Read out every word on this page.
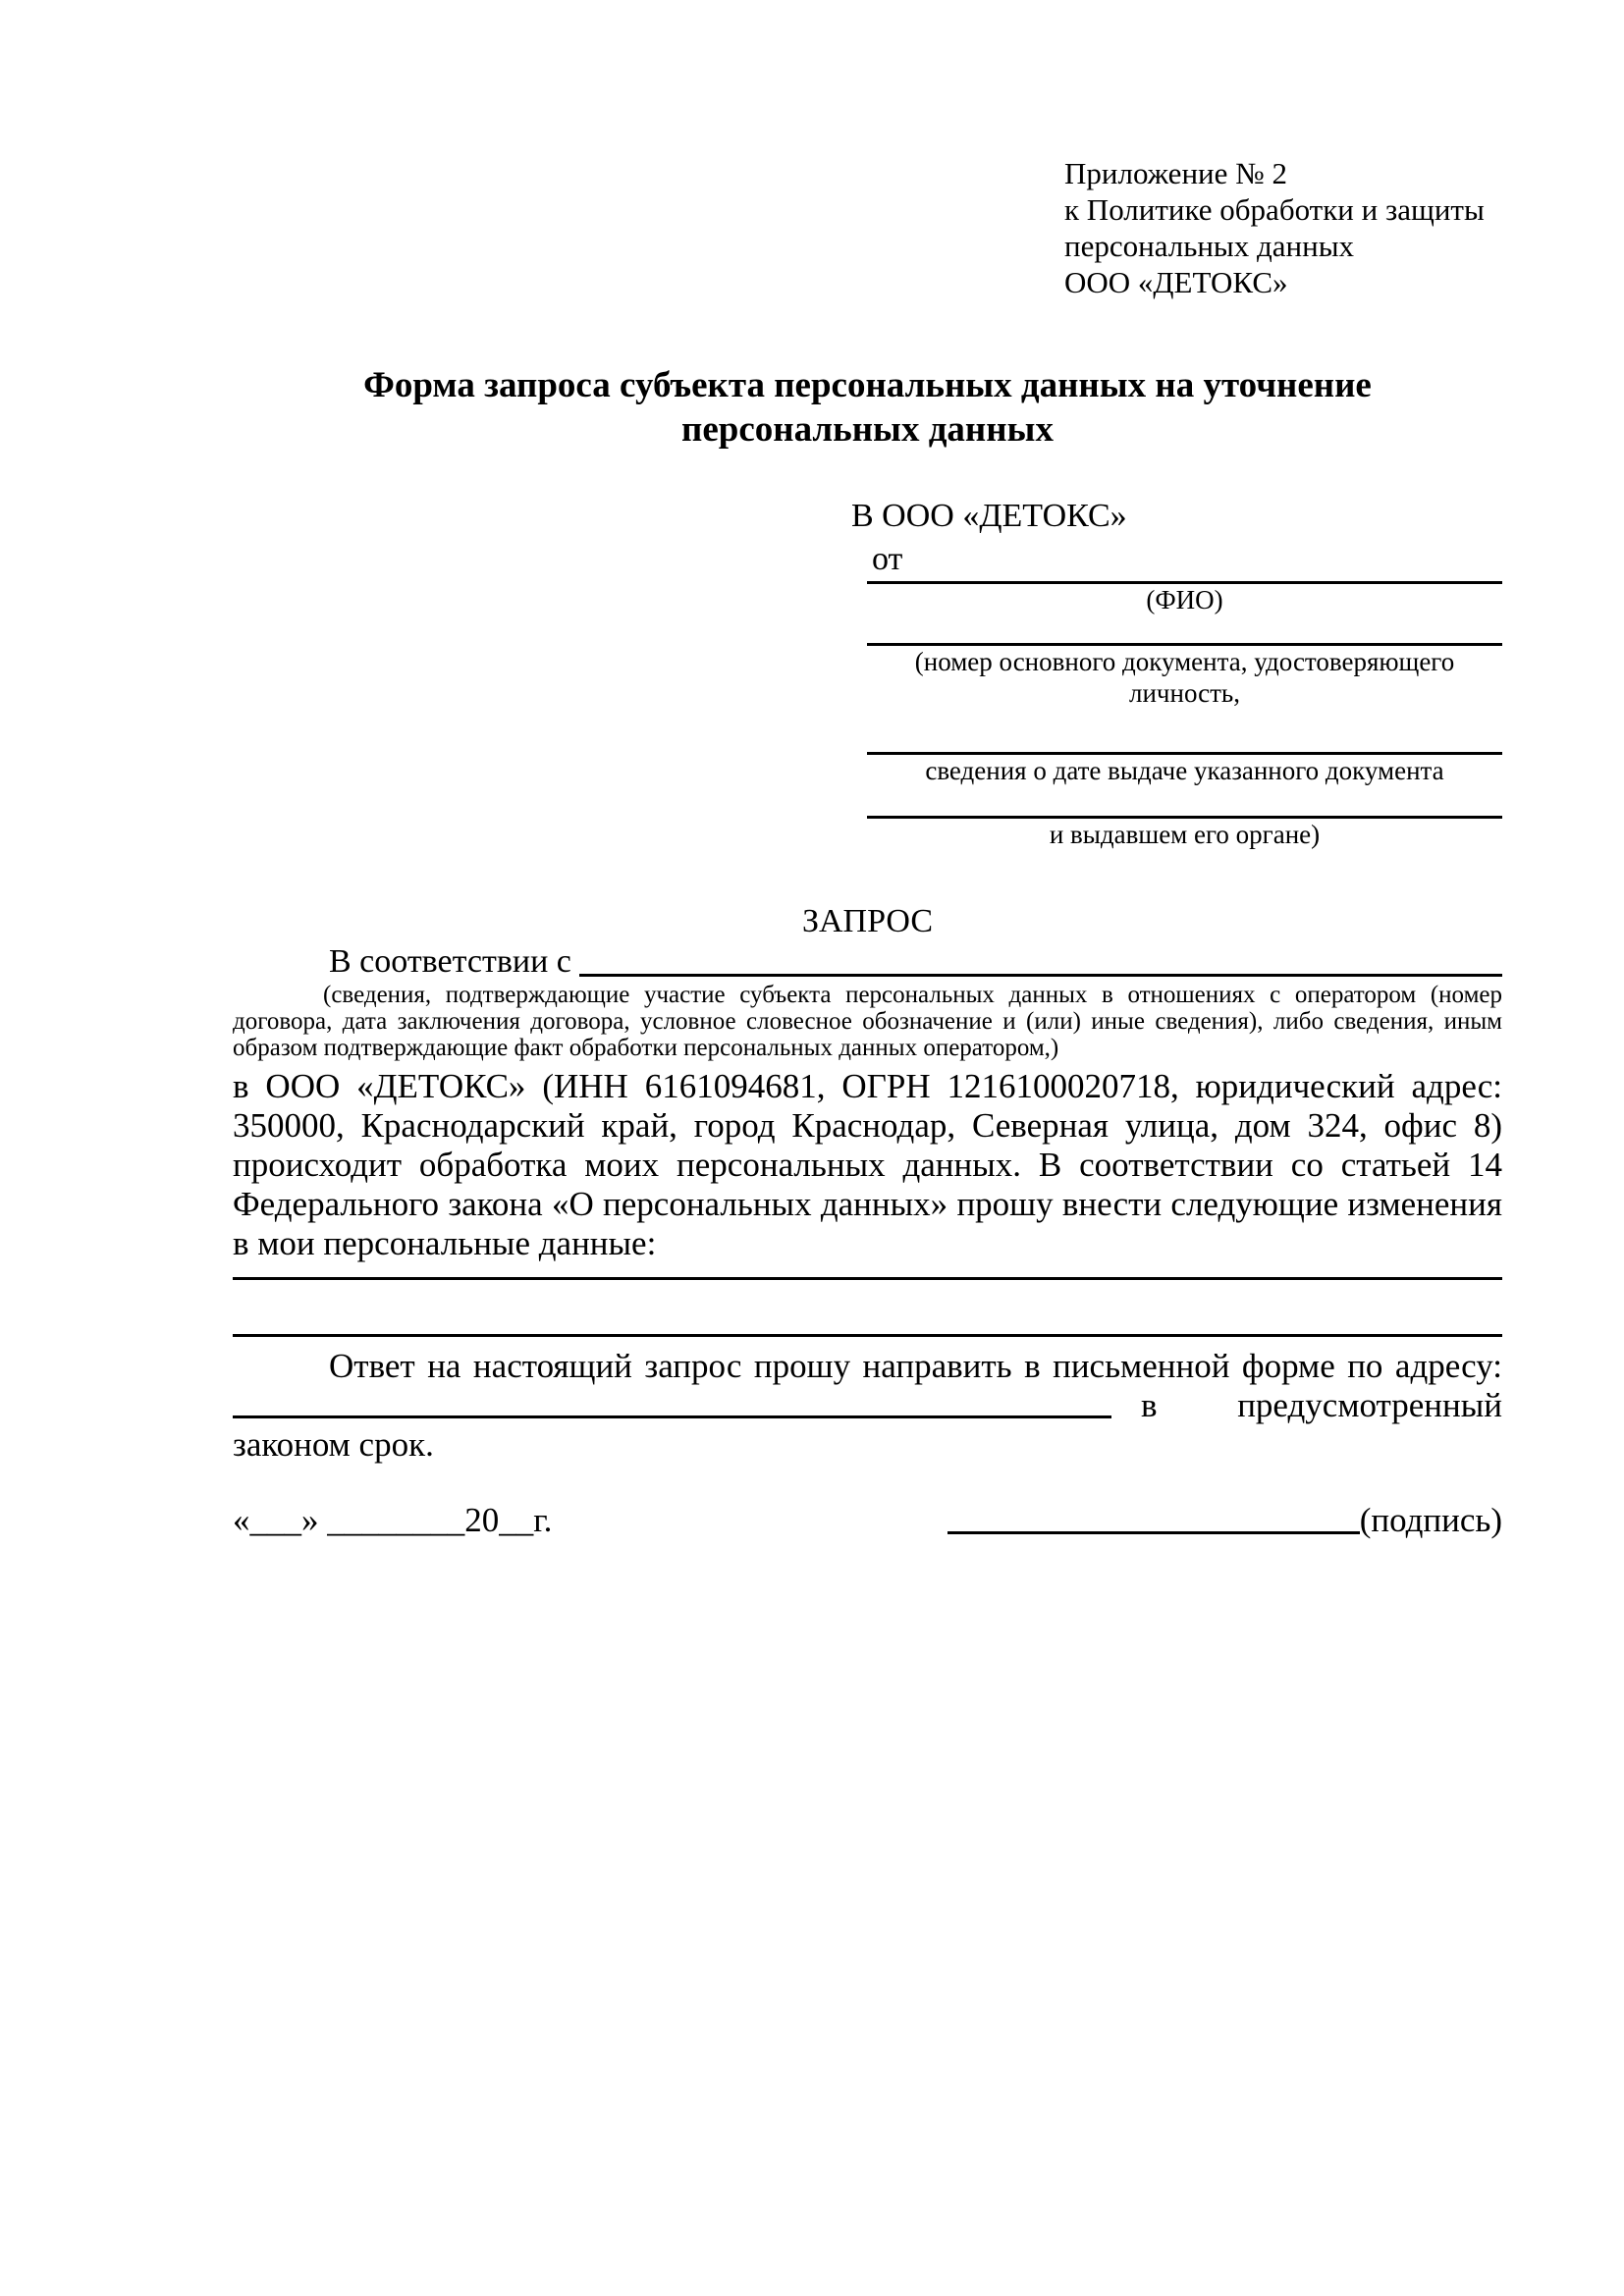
Приложение № 2
к Политике обработки и защиты
персональных данных
ООО «ДЕТОКС»
Форма запроса субъекта персональных данных на уточнение персональных данных
В ООО «ДЕТОКС»
от
(ФИО)
(номер основного документа, удостоверяющего личность,
сведения о дате выдаче указанного документа
и выдавшем его органе)
ЗАПРОС
В соответствии с
(сведения, подтверждающие участие субъекта персональных данных в отношениях с оператором (номер договора, дата заключения договора, условное словесное обозначение и (или) иные сведения), либо сведения, иным образом подтверждающие факт обработки персональных данных оператором,)
в ООО «ДЕТОКС» (ИНН 6161094681, ОГРН 1216100020718, юридический адрес: 350000, Краснодарский край, город Краснодар, Северная улица, дом 324, офис 8) происходит обработка моих персональных данных. В соответствии со статьей 14 Федерального закона «О персональных данных» прошу внести следующие изменения в мои персональные данные:
Ответ на настоящий запрос прошу направить в письменной форме по адресу:
в предусмотренный
законом срок.
«___» ________20__г.	(подпись)
